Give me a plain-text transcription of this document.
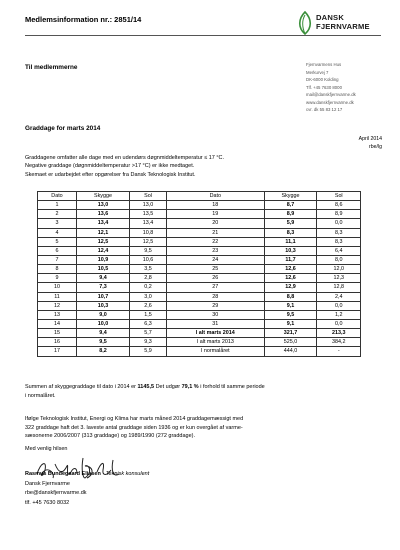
Medlemsinformation nr.: 2851/14	DANSK
FJERNVARME
Til medlemmerne	Fjernvarmens Hus
Merkurvej 7
DK-6000 Kolding
Tlf. +45 7630 8000
mail@danskfjernvarme.dk
www.danskfjernvarme.dk
cvr. dk 55 83 12 17
Graddage for marts 2014
April 2014
rbe/lg
Graddagene omfatter alle dage med en udendørs døgnmiddeltemperatur ≤ 17 °C.
Negative graddage (døgnmiddeltemperatur >17 °C) er ikke medtaget.
Skemaet er udarbejdet efter opgørelser fra Dansk Teknologisk Institut.
Dato	Skygge	Sol	Dato	Skygge	Sol
1	13,0	13,0	18	8,7	8,6
2	13,6	13,5	19	8,9	8,9
3	13,4	13,4	20	5,9	0,0
4	12,1	10,8	21	8,3	8,3
5	12,5	12,5	22	11,1	8,3
6	12,4	9,5	23	10,3	6,4
7	10,9	10,6	24	11,7	8,0
8	10,5	3,5	25	12,6	12,0
9	9,4	2,8	26	12,6	12,3
10	7,3	0,2	27	12,9	12,8
11	10,7	3,0	28	8,8	2,4
12	10,3	2,6	29	9,1	0,0
13	9,0	1,5	30	9,5	1,2
14	10,0	6,3	31	9,1	0,0
15	9,4	5,7	I alt marts 2014	321,7	213,3
16	9,5	9,3	I alt marts 2013	525,0	384,2
17	8,2	5,9	I normalåret	444,0	-
Summen af skyggegraddage til dato i 2014 er 1145,5 Det udgør 79,1 % i forhold til samme periode
i normalåret.
Ifølge Teknologisk Institut, Energi og Klima har marts måned 2014 graddagemæssigt med
322 graddage haft det 3. laveste antal graddage siden 1936 og er kun overgået af varme-
sæsonerne 2006/2007 (313 graddage) og 1989/1990 (272 graddage).
Med venlig hilsen
Rasmus Bundegaard Eliasen · Teknisk konsulent
Dansk Fjernvarme
rbe@danskfjernvarme.dk
tlf. +45 7630 8032
